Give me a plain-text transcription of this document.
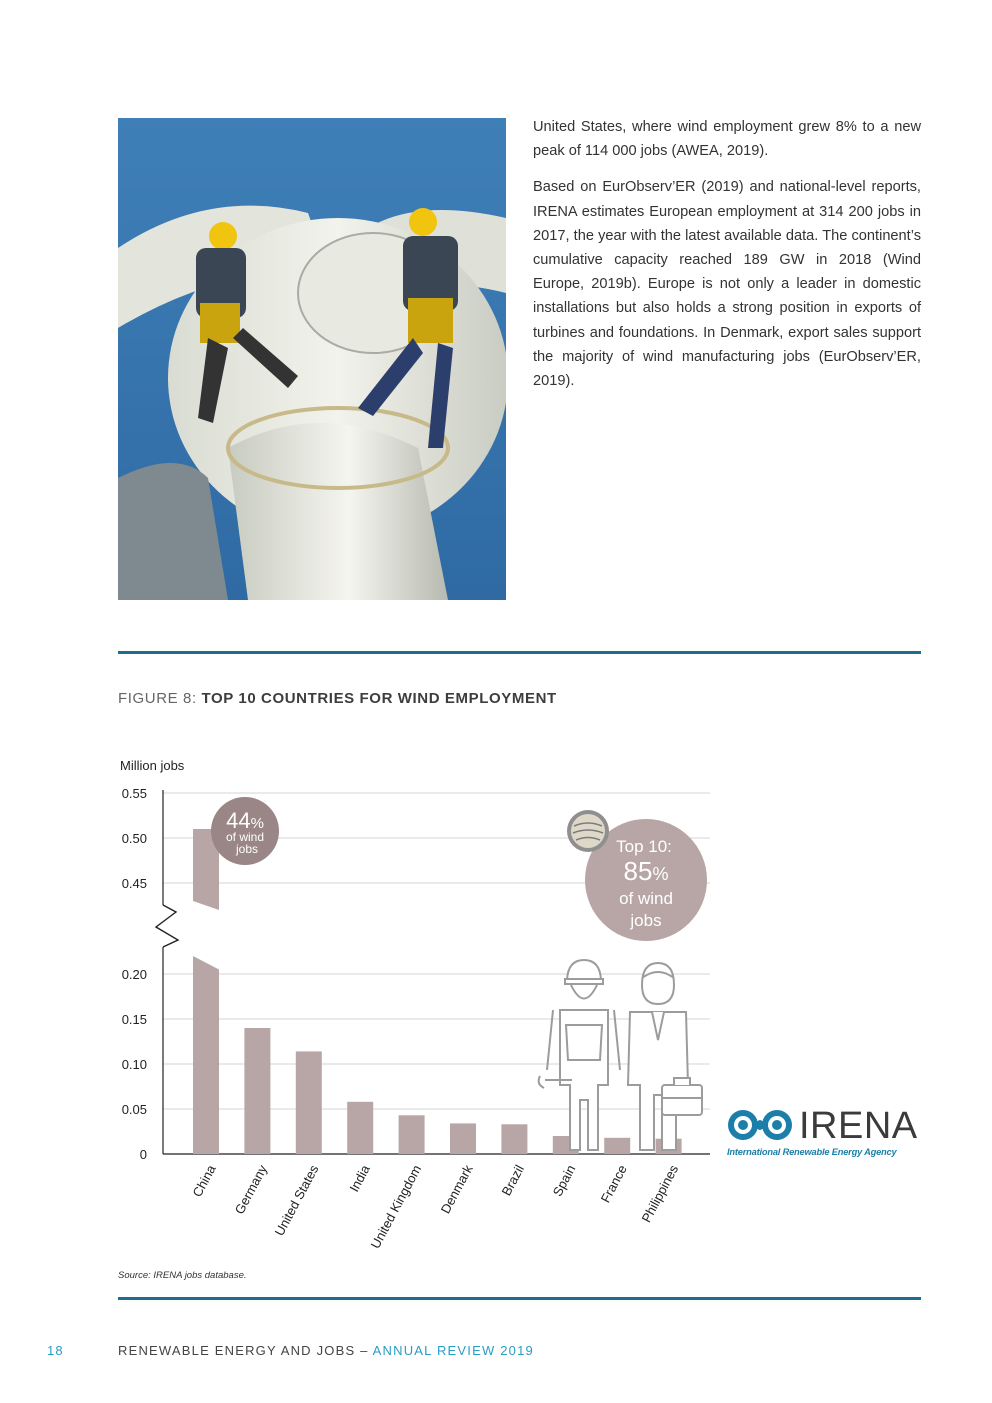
United States, where wind employment grew 8% to a new peak of 114 000 jobs (AWEA, 2019).

Based on EurObserv’ER (2019) and national-level reports, IRENA estimates European employment at 314 200 jobs in 2017, the year with the latest available data. The continent’s cumulative capacity reached 189 GW in 2018 (Wind Europe, 2019b). Europe is not only a leader in domestic installations but also holds a strong position in exports of turbines and foundations. In Denmark, export sales support the majority of wind manufacturing jobs (EurObserv’ER, 2019).

FIGURE 8: TOP 10 COUNTRIES FOR WIND EMPLOYMENT
Million jobs
0.55
0.50
0.45
0.20
0.15
0.10
0.05
0
China Germany United States India
United Kingdom Denmark Brazil Spain France Philippines
44%
of wind
jobs	Top 10:
85%
of wind
jobs
Source: IRENA jobs database.
IRENA
International Renewable Energy Agency
18	RENEWABLE ENERGY AND JOBS – ANNUAL REVIEW 2019
